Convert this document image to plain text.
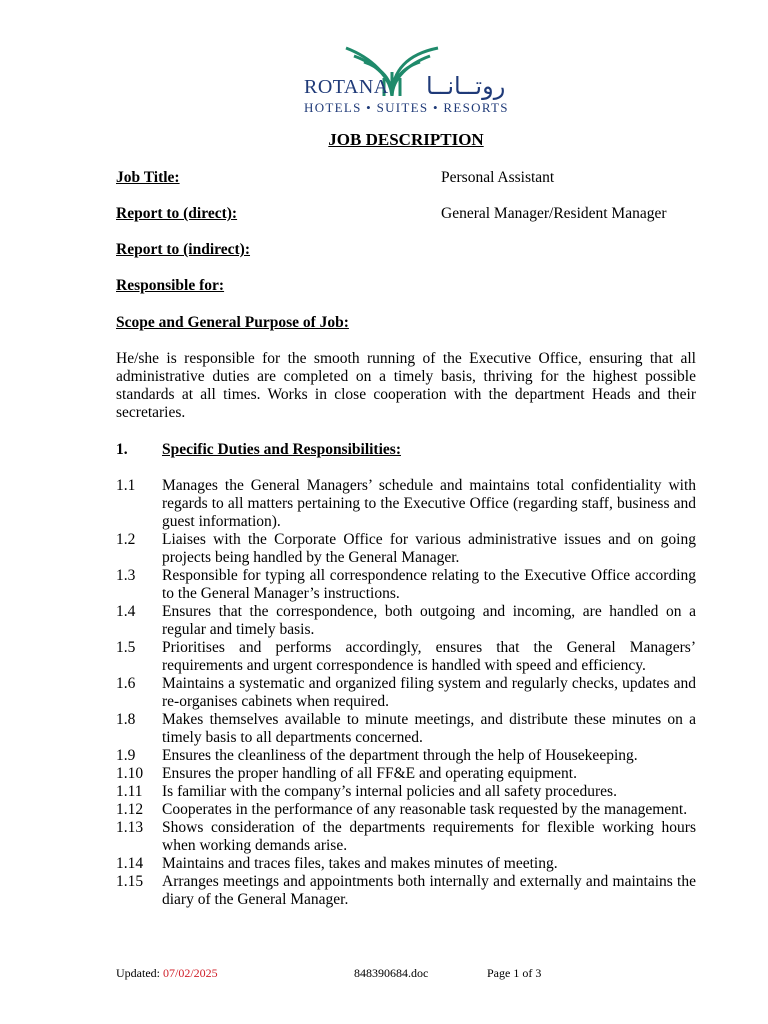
ROTANA روتــانــا
HOTELS • SUITES • RESORTS
JOB DESCRIPTION
Job Title:	Personal Assistant
Report to (direct):	General Manager/Resident Manager
Report to (indirect):
Responsible for:
Scope and General Purpose of Job:
He/she is responsible for the smooth running of the Executive Office, ensuring that all administrative duties are completed on a timely basis, thriving for the highest possible standards at all times. Works in close cooperation with the department Heads and their secretaries.
1. Specific Duties and Responsibilities:
1.1	Manages the General Managers’ schedule and maintains total confidentiality with regards to all matters pertaining to the Executive Office (regarding staff, business and guest information).
1.2	Liaises with the Corporate Office for various administrative issues and on going projects being handled by the General Manager.
1.3	Responsible for typing all correspondence relating to the Executive Office according to the General Manager’s instructions.
1.4	Ensures that the correspondence, both outgoing and incoming, are handled on a regular and timely basis.
1.5	Prioritises and performs accordingly, ensures that the General Managers’ requirements and urgent correspondence is handled with speed and efficiency.
1.6	Maintains a systematic and organized filing system and regularly checks, updates and re-organises cabinets when required.
1.8	Makes themselves available to minute meetings, and distribute these minutes on a timely basis to all departments concerned.
1.9	Ensures the cleanliness of the department through the help of Housekeeping.
1.10	Ensures the proper handling of all FF&E and operating equipment.
1.11	Is familiar with the company’s internal policies and all safety procedures.
1.12	Cooperates in the performance of any reasonable task requested by the management.
1.13	Shows consideration of the departments requirements for flexible working hours when working demands arise.
1.14	Maintains and traces files, takes and makes minutes of meeting.
1.15	Arranges meetings and appointments both internally and externally and maintains the diary of the General Manager.
Updated: 07/02/2025	848390684.doc	Page 1 of 3
